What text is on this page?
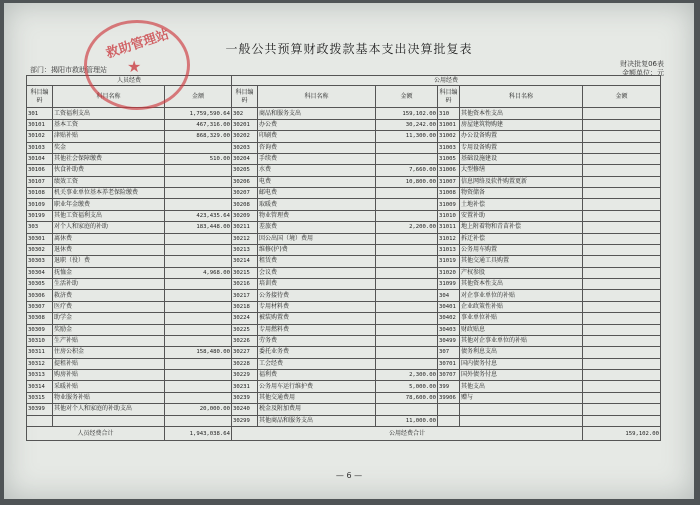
一般公共预算财政拨款基本支出决算批复表
财决批复06表
金额单位：元
部门：揭阳市救助管理站
— 6 —
人员经费			公用经费					
科目编码	科目名称	金额	科目编码	科目名称	金额	科目编码	科目名称	金额
301	工资福利支出	1,759,590.64	302	商品和服务支出	159,102.00	310	其他资本性支出	
30101	基本工资	467,316.00	30201	办公费	30,242.00	31001	房屋建筑物购建	
30102	津贴补贴	868,329.00	30202	印刷费	11,300.00	31002	办公设备购置	
30103	奖金		30203	咨询费		31003	专用设备购置	
30104	其他社会保障缴费	510.00	30204	手续费		31005	基础设施建设	
30106	伙食补助费		30205	水费	7,660.00	31006	大型修缮	
30107	绩效工资		30206	电费	10,800.00	31007	信息网络及软件购置更新	
30108	机关事业单位基本养老保险缴费		30207	邮电费		31008	物资储备	
30109	职业年金缴费		30208	取暖费		31009	土地补偿	
30199	其他工资福利支出	423,435.64	30209	物业管理费		31010	安置补助	
303	对个人和家庭的补助	183,448.00	30211	差旅费	2,200.00	31011	地上附着物和青苗补偿	
30301	离休费		30212	因公出国（境）费用		31012	拆迁补偿	
30302	退休费		30213	维修(护)费		31013	公务用车购置	
30303	退职（役）费		30214	租赁费		31019	其他交通工具购置	
30304	抚恤金	4,968.00	30215	会议费		31020	产权参股	
30305	生活补助		30216	培训费		31099	其他资本性支出	
30306	救济费		30217	公务接待费		304	对企事业单位的补贴	
30307	医疗费		30218	专用材料费		30401	企业政策性补贴	
30308	助学金		30224	被装购置费		30402	事业单位补贴	
30309	奖励金		30225	专用燃料费		30403	财政贴息	
30310	生产补贴		30226	劳务费		30499	其他对企事业单位的补贴	
30311	住房公积金	158,480.00	30227	委托业务费		307	债务利息支出	
30312	提租补贴		30228	工会经费		30701	国内债务付息	
30313	购房补贴		30229	福利费	2,300.00	30707	国外债务付息	
30314	采暖补贴		30231	公务用车运行维护费	5,000.00	399	其他支出	
30315	物业服务补贴		30239	其他交通费用	78,600.00	39906	赠与	
30399	其他对个人和家庭的补助支出	20,000.00	30240	税金及附加费用				
			30299	其他商品和服务支出	11,000.00			
人员经费合计		1,943,038.64	公用经费合计					159,102.00
救助管理站
★
